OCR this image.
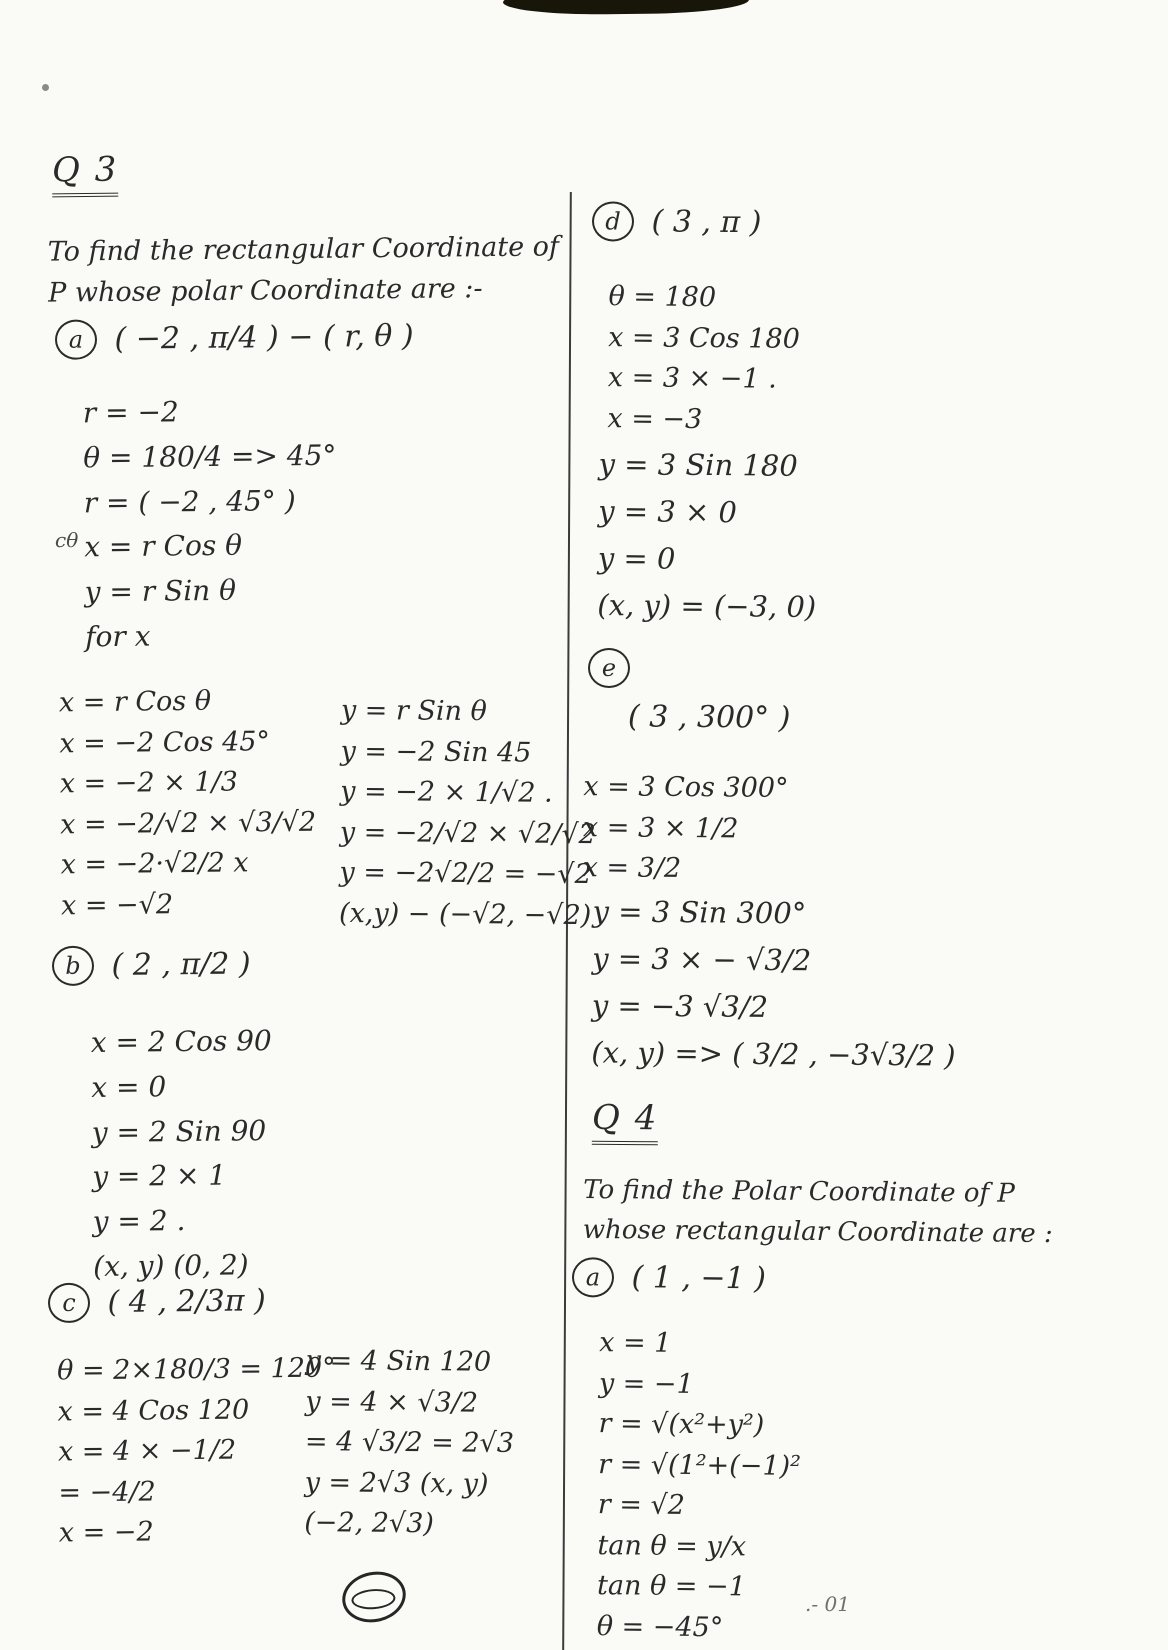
Q 3
To find the rectangular Coordinate of
P whose polar Coordinate are :-
a ( −2 , π/4 ) − ( r, θ )
r = −2
θ = 180/4 => 45°
r = ( −2 , 45° )
x = r Cos θ
y = r Sin θ
for x
cθ
x = r Cos θ
x = −2 Cos 45°
x = −2 × 1/3
x = −2/√2 × √3/√2
x = −2·√2/2 x
x = −√2
y = r Sin θ
y = −2 Sin 45
y = −2 × 1/√2 .
y = −2/√2 × √2/√2
y = −2√2/2 = −√2
(x,y) − (−√2, −√2)
b ( 2 , π/2 )
x = 2 Cos 90
x = 0
y = 2 Sin 90
y = 2 × 1
y = 2 .
(x, y) (0, 2)
c ( 4 , 2/3π )
θ = 2×180/3 = 120°
x = 4 Cos 120
x = 4 × −1/2
= −4/2
x = −2
y = 4 Sin 120
y = 4 × √3/2
= 4 √3/2 = 2√3
y = 2√3 (x, y)
(−2, 2√3)
d ( 3 , π )
θ = 180
x = 3 Cos 180
x = 3 × −1 .
x = −3
y = 3 Sin 180
y = 3 × 0
y = 0
(x, y) = (−3, 0)
e
( 3 , 300° )
x = 3 Cos 300°
x = 3 × 1/2
x = 3/2
y = 3 Sin 300°
y = 3 × − √3/2
y = −3 √3/2
(x, y) => ( 3/2 , −3√3/2 )
Q 4
To find the Polar Coordinate of P
whose rectangular Coordinate are :
a ( 1 , −1 )
x = 1
y = −1
r = √(x²+y²)
r = √(1²+(−1)²
r = √2
tan θ = y/x
tan θ = −1
θ = −45°
.- 01
